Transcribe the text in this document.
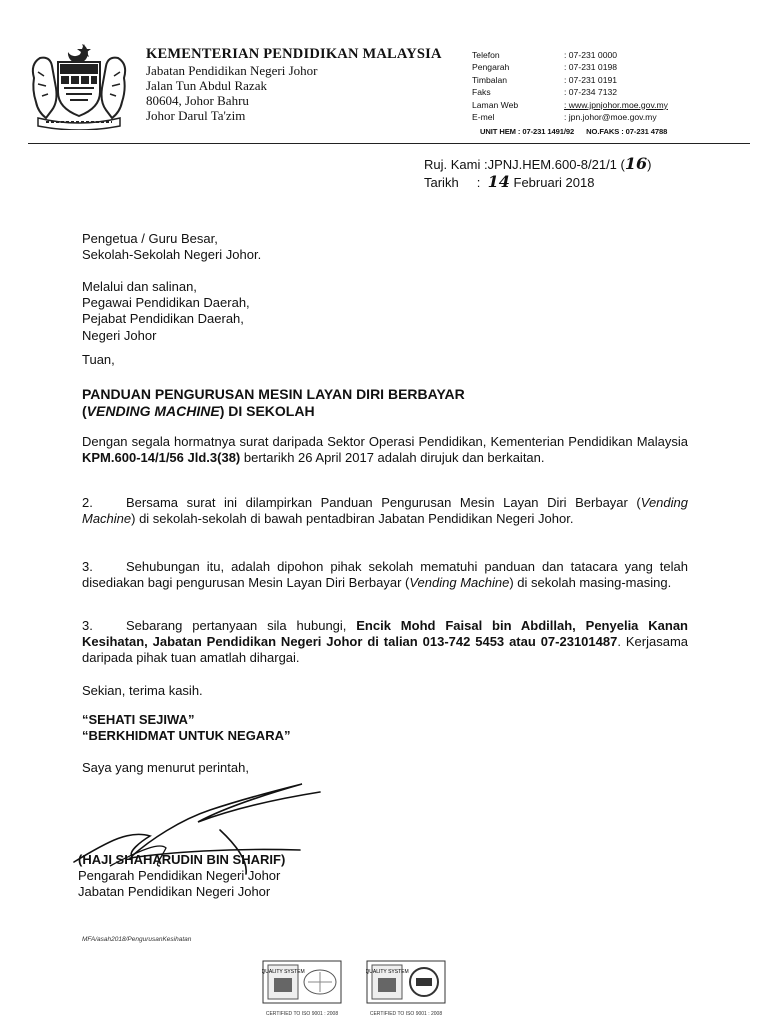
KEMENTERIAN PENDIDIKAN MALAYSIA
Jabatan Pendidikan Negeri Johor
Jalan Tun Abdul Razak
80604, Johor Bahru
Johor Darul Ta'zim
Telefon	: 07-231 0000
Pengarah	: 07-231 0198
Timbalan	: 07-231 0191
Faks	: 07-234 7132
Laman Web	: www.jpnjohor.moe.gov.my
E-mel	: jpn.johor@moe.gov.my
UNIT HEM : 07-231 1491/92 NO.FAKS : 07-231 4788
Ruj. Kami :JPNJ.HEM.600-8/21/1 (16)
Tarikh : 14 Februari 2018
Pengetua / Guru Besar,
Sekolah-Sekolah Negeri Johor.
Melalui dan salinan,
Pegawai Pendidikan Daerah,
Pejabat Pendidikan Daerah,
Negeri Johor
Tuan,
PANDUAN PENGURUSAN MESIN LAYAN DIRI BERBAYAR
(VENDING MACHINE) DI SEKOLAH
Dengan segala hormatnya surat daripada Sektor Operasi Pendidikan, Kementerian Pendidikan Malaysia KPM.600-14/1/56 Jld.3(38) bertarikh 26 April 2017 adalah dirujuk dan berkaitan.
2.	Bersama surat ini dilampirkan Panduan Pengurusan Mesin Layan Diri Berbayar (Vending Machine) di sekolah-sekolah di bawah pentadbiran Jabatan Pendidikan Negeri Johor.
3.	Sehubungan itu, adalah dipohon pihak sekolah mematuhi panduan dan tatacara yang telah disediakan bagi pengurusan Mesin Layan Diri Berbayar (Vending Machine) di sekolah masing-masing.
3.	Sebarang pertanyaan sila hubungi, Encik Mohd Faisal bin Abdillah, Penyelia Kanan Kesihatan, Jabatan Pendidikan Negeri Johor di talian 013-742 5453 atau 07-23101487. Kerjasama daripada pihak tuan amatlah dihargai.
Sekian, terima kasih.
“SEHATI SEJIWA”
“BERKHIDMAT UNTUK NEGARA”
Saya yang menurut perintah,
(HAJI SHAHARUDIN BIN SHARIF)
Pengarah Pendidikan Negeri Johor
Jabatan Pendidikan Negeri Johor
MFA/asah2018/PengurusanKesihatan
QUALITY SYSTEM
CERTIFIED TO ISO 9001 : 2008
QUALITY SYSTEM
CERTIFIED TO ISO 9001 : 2008
